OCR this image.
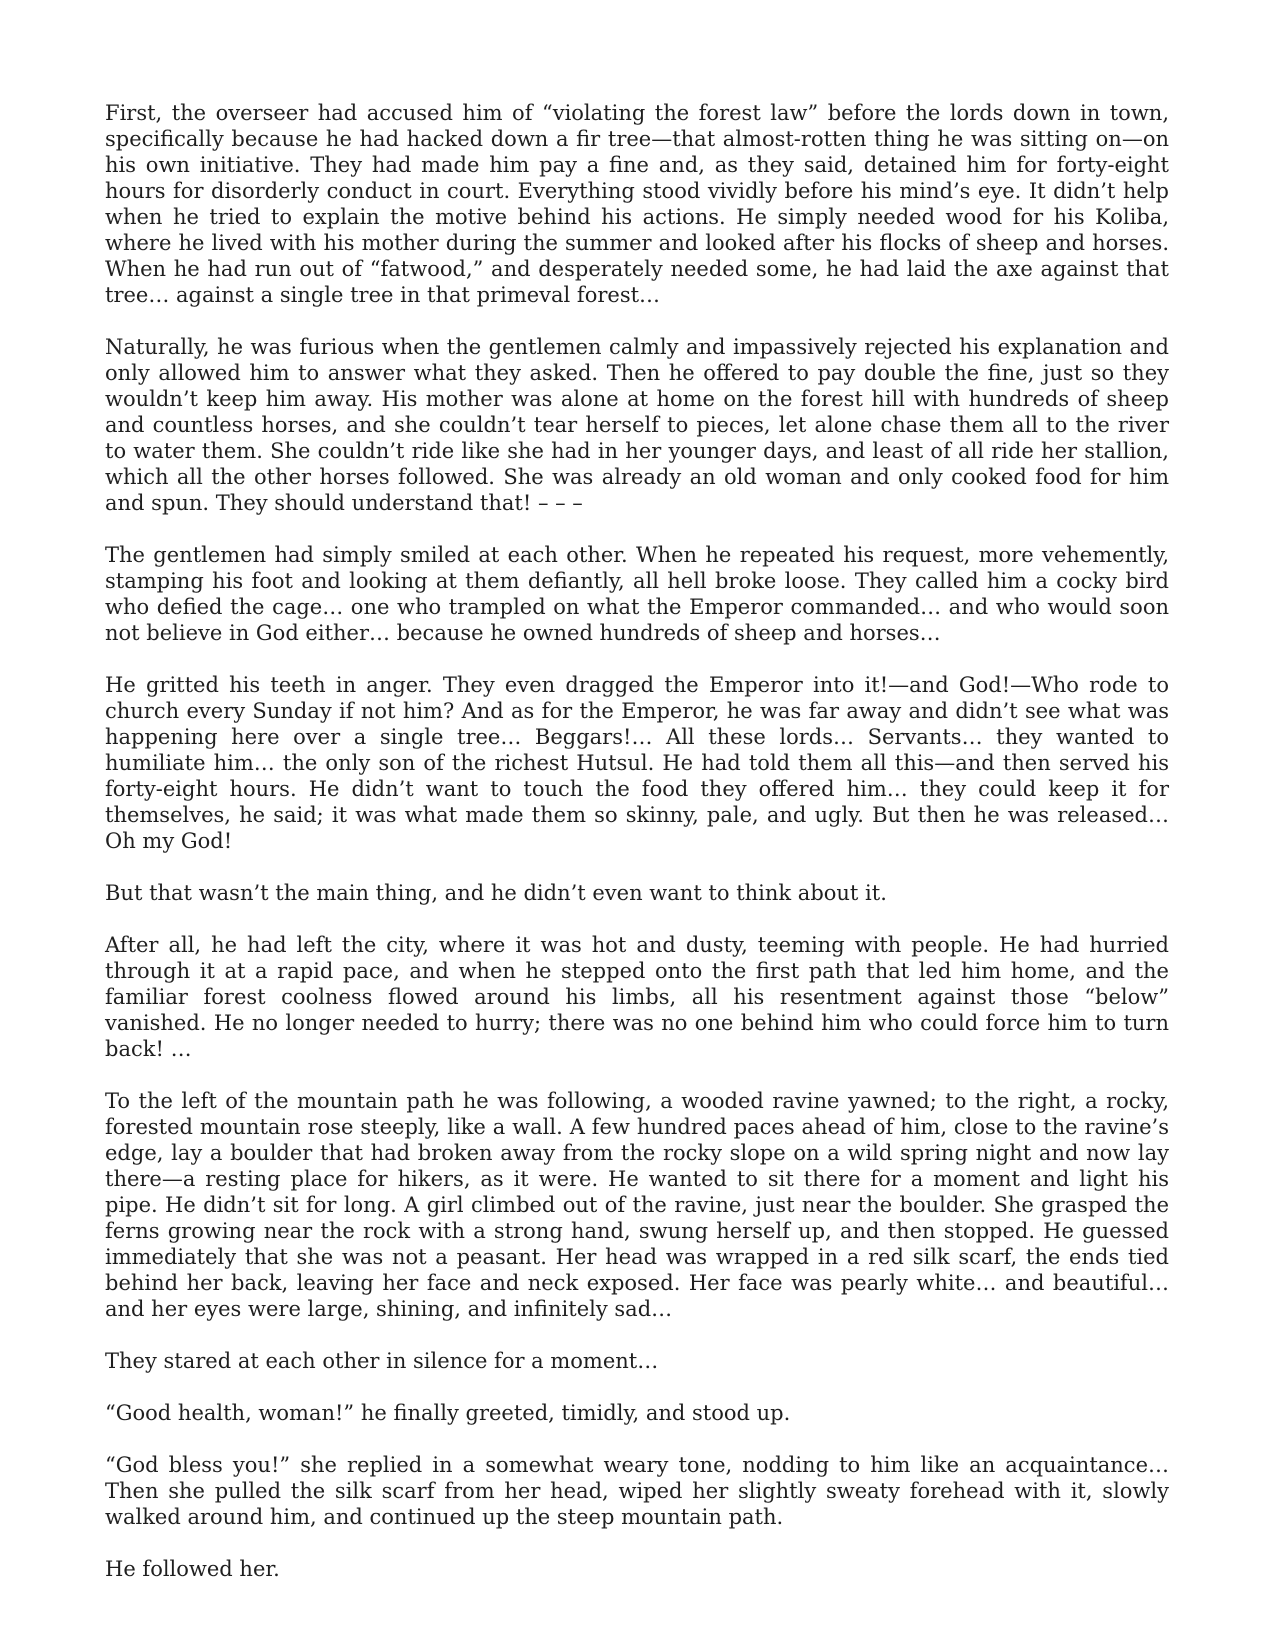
First, the overseer had accused him of “violating the forest law” before the lords down in town, specifically because he had hacked down a fir tree—that almost-rotten thing he was sitting on—on his own initiative. They had made him pay a fine and, as they said, detained him for forty-eight hours for disorderly conduct in court. Everything stood vividly before his mind’s eye. It didn’t help when he tried to explain the motive behind his actions. He simply needed wood for his Koliba, where he lived with his mother during the summer and looked after his flocks of sheep and horses. When he had run out of “fatwood,” and desperately needed some, he had laid the axe against that tree… against a single tree in that primeval forest…

Naturally, he was furious when the gentlemen calmly and impassively rejected his explanation and only allowed him to answer what they asked. Then he offered to pay double the fine, just so they wouldn’t keep him away. His mother was alone at home on the forest hill with hundreds of sheep and countless horses, and she couldn’t tear herself to pieces, let alone chase them all to the river to water them. She couldn’t ride like she had in her younger days, and least of all ride her stallion, which all the other horses followed. She was already an old woman and only cooked food for him and spun. They should understand that! – – –

The gentlemen had simply smiled at each other. When he repeated his request, more vehemently, stamping his foot and looking at them defiantly, all hell broke loose. They called him a cocky bird who defied the cage… one who trampled on what the Emperor commanded… and who would soon not believe in God either… because he owned hundreds of sheep and horses…

He gritted his teeth in anger. They even dragged the Emperor into it!—and God!—Who rode to church every Sunday if not him? And as for the Emperor, he was far away and didn’t see what was happening here over a single tree… Beggars!… All these lords… Servants… they wanted to humiliate him… the only son of the richest Hutsul. He had told them all this—and then served his forty-eight hours. He didn’t want to touch the food they offered him… they could keep it for themselves, he said; it was what made them so skinny, pale, and ugly. But then he was released… Oh my God!

But that wasn’t the main thing, and he didn’t even want to think about it.

After all, he had left the city, where it was hot and dusty, teeming with people. He had hurried through it at a rapid pace, and when he stepped onto the first path that led him home, and the familiar forest coolness flowed around his limbs, all his resentment against those “below” vanished. He no longer needed to hurry; there was no one behind him who could force him to turn back! …

To the left of the mountain path he was following, a wooded ravine yawned; to the right, a rocky, forested mountain rose steeply, like a wall. A few hundred paces ahead of him, close to the ravine’s edge, lay a boulder that had broken away from the rocky slope on a wild spring night and now lay there—a resting place for hikers, as it were. He wanted to sit there for a moment and light his pipe. He didn’t sit for long. A girl climbed out of the ravine, just near the boulder. She grasped the ferns growing near the rock with a strong hand, swung herself up, and then stopped. He guessed immediately that she was not a peasant. Her head was wrapped in a red silk scarf, the ends tied behind her back, leaving her face and neck exposed. Her face was pearly white… and beautiful… and her eyes were large, shining, and infinitely sad…

They stared at each other in silence for a moment…

“Good health, woman!” he finally greeted, timidly, and stood up.

“God bless you!” she replied in a somewhat weary tone, nodding to him like an acquaintance… Then she pulled the silk scarf from her head, wiped her slightly sweaty forehead with it, slowly walked around him, and continued up the steep mountain path.

He followed her.
